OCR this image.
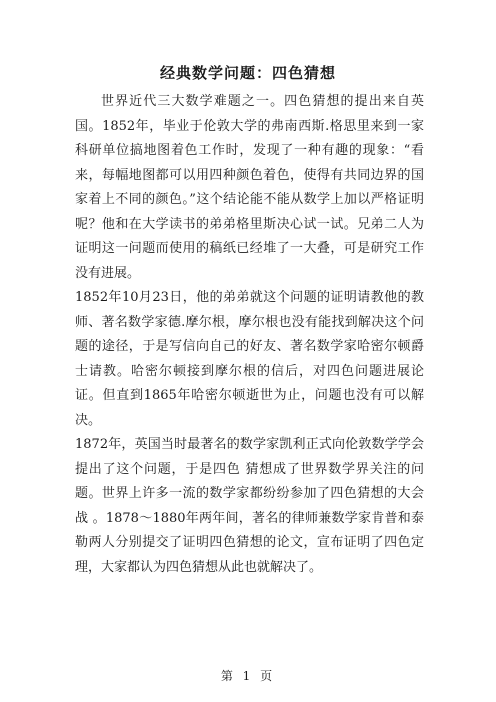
经典数学问题：四色猜想

世界近代三大数学难题之一。四色猜想的提出来自英国。1852年，毕业于伦敦大学的弗南西斯.格思里来到一家科研单位搞地图着色工作时，发现了一种有趣的现象：“看来，每幅地图都可以用四种颜色着色，使得有共同边界的国家着上不同的颜色。”这个结论能不能从数学上加以严格证明呢？他和在大学读书的弟弟格里斯决心试一试。兄弟二人为证明这一问题而使用的稿纸已经堆了一大叠，可是研究工作没有进展。

1852年10月23日，他的弟弟就这个问题的证明请教他的教师、著名数学家德.摩尔根，摩尔根也没有能找到解决这个问题的途径，于是写信向自己的好友、著名数学家哈密尔顿爵士请教。哈密尔顿接到摩尔根的信后，对四色问题进展论证。但直到1865年哈密尔顿逝世为止，问题也没有可以解决。

1872年，英国当时最著名的数学家凯利正式向伦敦数学学会提出了这个问题，于是四色 猜想成了世界数学界关注的问题。世界上许多一流的数学家都纷纷参加了四色猜想的大会战 。1878～1880年两年间，著名的律师兼数学家肯普和泰勒两人分别提交了证明四色猜想的论文，宣布证明了四色定理，大家都认为四色猜想从此也就解决了。

第 1 页
